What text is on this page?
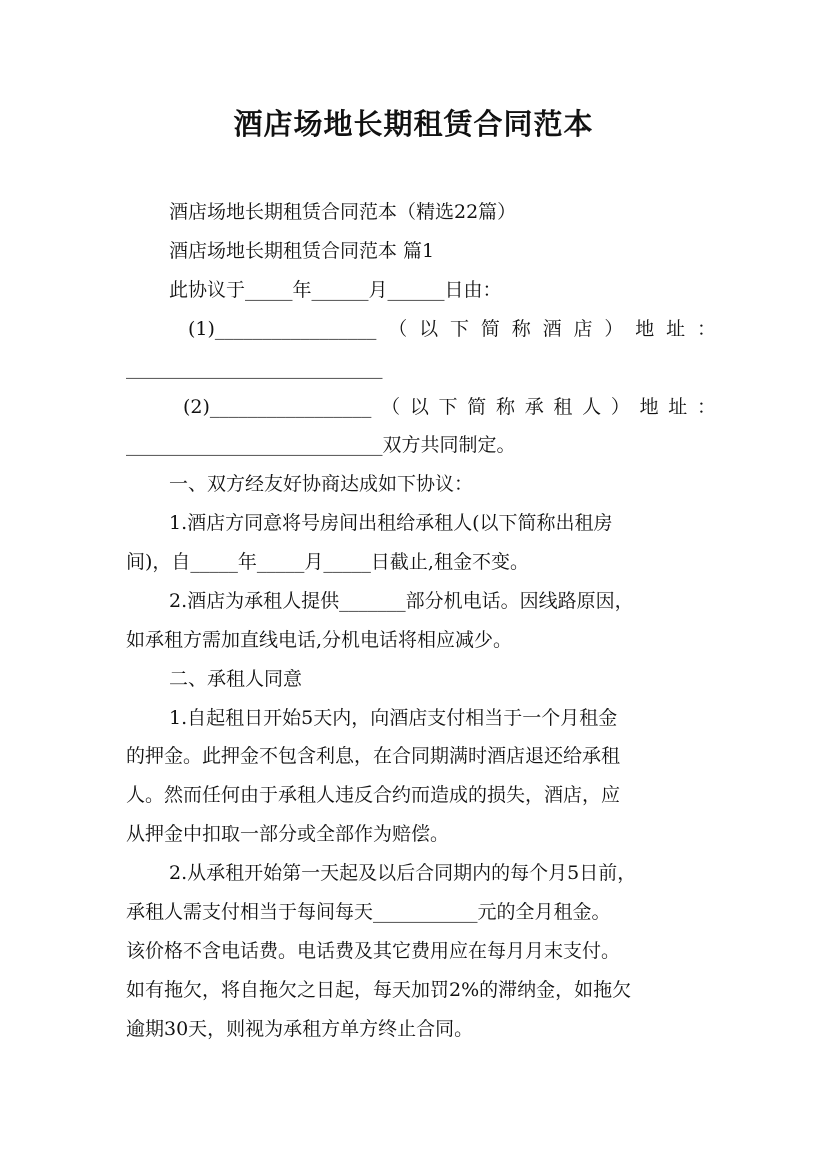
酒店场地长期租赁合同范本
酒店场地长期租赁合同范本（精选22篇）
酒店场地长期租赁合同范本 篇1
此协议于_____年______月______日由：
(1)_________________（以下简称酒店）地址：
___________________________
(2)_________________（以下简称承租人）地址：
___________________________双方共同制定。
一、双方经友好协商达成如下协议：
1.酒店方同意将号房间出租给承租人(以下简称出租房
间)，自_____年_____月_____日截止,租金不变。
2.酒店为承租人提供_______部分机电话。因线路原因，
如承租方需加直线电话,分机电话将相应减少。
二、承租人同意
1.自起租日开始5天内，向酒店支付相当于一个月租金
的押金。此押金不包含利息，在合同期满时酒店退还给承租
人。然而任何由于承租人违反合约而造成的损失，酒店，应
从押金中扣取一部分或全部作为赔偿。
2.从承租开始第一天起及以后合同期内的每个月5日前，
承租人需支付相当于每间每天___________元的全月租金。
该价格不含电话费。电话费及其它费用应在每月月末支付。
如有拖欠，将自拖欠之日起，每天加罚2%的滞纳金，如拖欠
逾期30天，则视为承租方单方终止合同。
